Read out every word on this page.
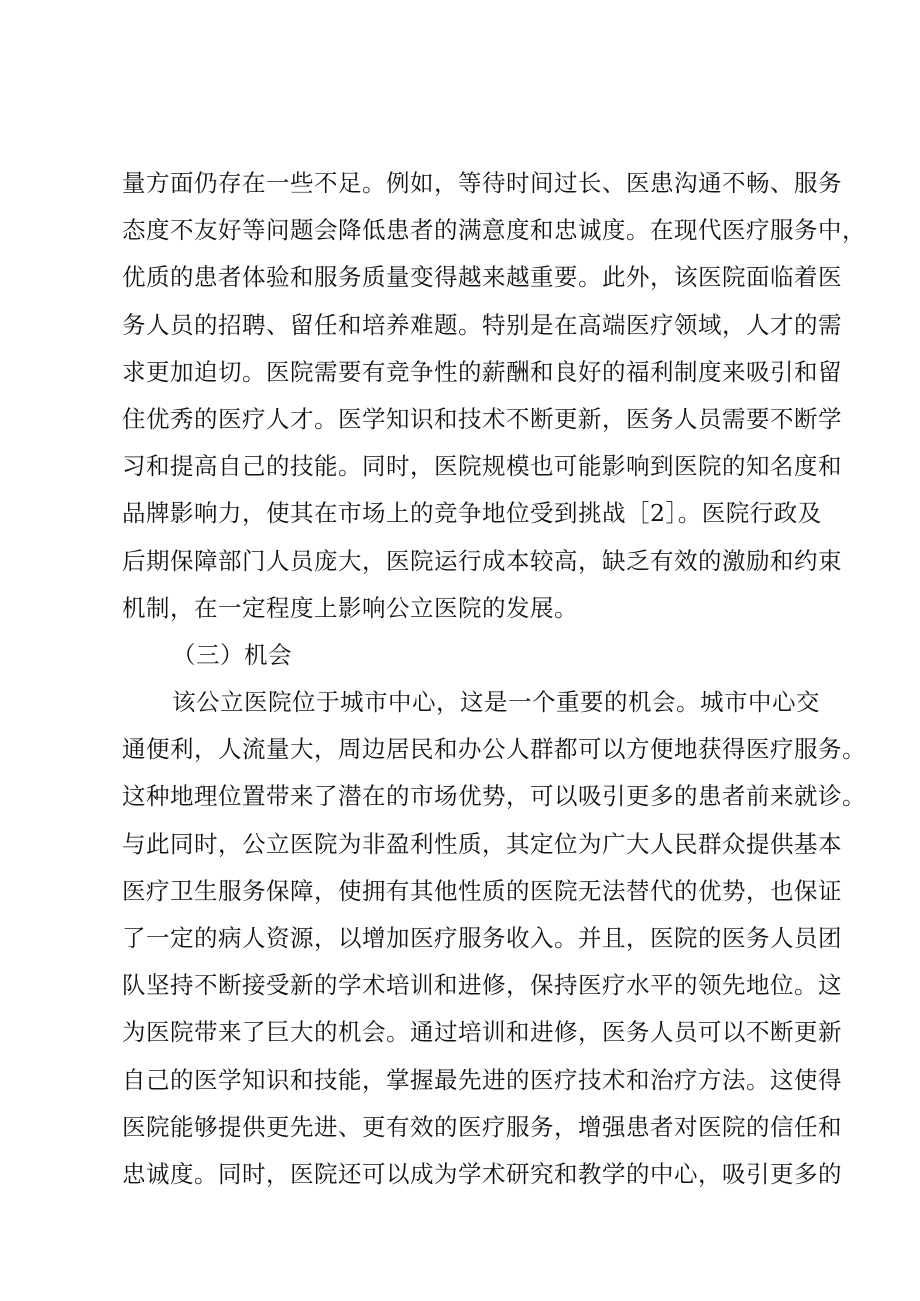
量方面仍存在一些不足。例如，等待时间过长、医患沟通不畅、服务
态度不友好等问题会降低患者的满意度和忠诚度。在现代医疗服务中，
优质的患者体验和服务质量变得越来越重要。此外，该医院面临着医
务人员的招聘、留任和培养难题。特别是在高端医疗领域，人才的需
求更加迫切。医院需要有竞争性的薪酬和良好的福利制度来吸引和留
住优秀的医疗人才。医学知识和技术不断更新，医务人员需要不断学
习和提高自己的技能。同时，医院规模也可能影响到医院的知名度和
品牌影响力，使其在市场上的竞争地位受到挑战［2］。医院行政及
后期保障部门人员庞大，医院运行成本较高，缺乏有效的激励和约束
机制，在一定程度上影响公立医院的发展。
（三）机会
该公立医院位于城市中心，这是一个重要的机会。城市中心交
通便利，人流量大，周边居民和办公人群都可以方便地获得医疗服务。
这种地理位置带来了潜在的市场优势，可以吸引更多的患者前来就诊。
与此同时，公立医院为非盈利性质，其定位为广大人民群众提供基本
医疗卫生服务保障，使拥有其他性质的医院无法替代的优势，也保证
了一定的病人资源，以增加医疗服务收入。并且，医院的医务人员团
队坚持不断接受新的学术培训和进修，保持医疗水平的领先地位。这
为医院带来了巨大的机会。通过培训和进修，医务人员可以不断更新
自己的医学知识和技能，掌握最先进的医疗技术和治疗方法。这使得
医院能够提供更先进、更有效的医疗服务，增强患者对医院的信任和
忠诚度。同时，医院还可以成为学术研究和教学的中心，吸引更多的
